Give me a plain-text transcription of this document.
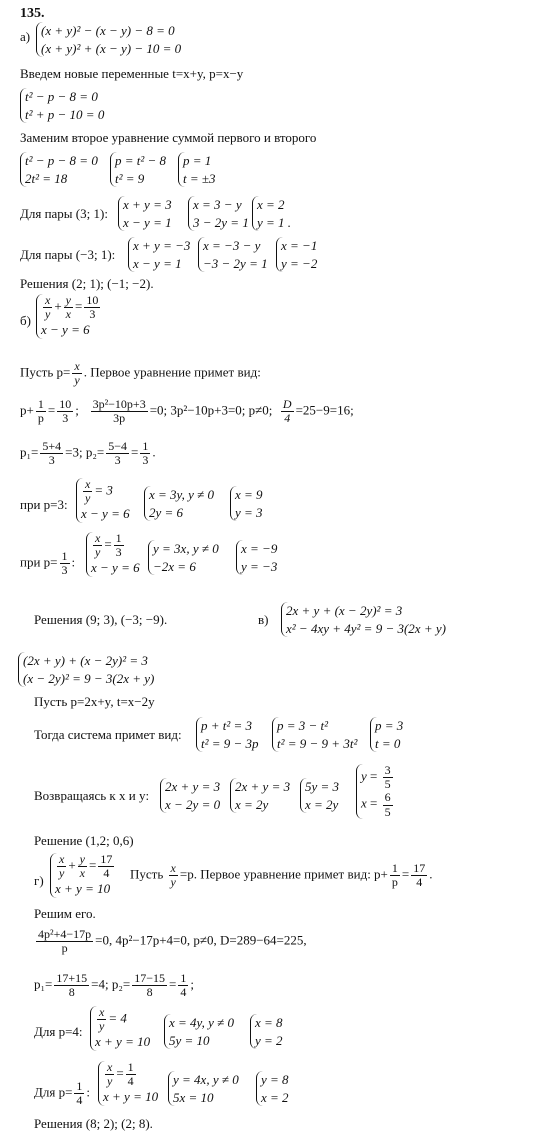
135.
а) (x + y)² − (x − y) − 8 = 0
(x + y)² + (x − y) − 10 = 0
Введем новые переменные t=x+y, p=x−y
t² − p − 8 = 0
t² + p − 10 = 0
Заменим второе уравнение суммой первого и второго
t² − p − 8 = 0
2t² = 18
p = t² − 8
t² = 9
p = 1
t = ±3
Для пары (3; 1):
x + y = 3
x − y = 1
x = 3 − y
3 − 2y = 1
x = 2
y = 1 .
Для пары (−3; 1):
x + y = −3
x − y = 1
x = −3 − y
−3 − 2y = 1
x = −1
y = −2
Решения (2; 1); (−1; −2).
$б) \frac{x}{y} + \frac{y}{x} = \frac{10}{3}$
x − y = 6
Пусть $p= \frac{x}{y}$ . Первое уравнение примет вид:
$p+ \frac{1}{p} = \frac{10}{3}$ ; $\frac{\text{3p²−10p+3}}{3p} =0$; 3p²−10p+3=0; p≠0; $\frac{D}{4} =25-9=16$;
$p_1= \frac{5+4}{3} =3$; $p_2= \frac{5-4}{3} = \frac{1}{3}$ .
при p=3: $\frac{x}{y} = 3$
x − y = 6
x = 3y, y ≠ 0
2y = 6
x = 9
y = 3
при $p= \frac{1}{3}$ :
$\frac{x}{y} = \frac{1}{3}$
x − y = 6
y = 3x, y ≠ 0
−2x = 6
x = −9
y = −3
Решения (9; 3), (−3; −9).	в)
2x + y + (x − 2y)² = 3
x² − 4xy + 4y² = 9 − 3(2x + y)
(2x + y) + (x − 2y)² = 3
(x − 2y)² = 9 − 3(2x + y)
Пусть p=2x+y, t=x−2y
Тогда система примет вид:
p + t² = 3
t² = 9 − 3p
p = 3 − t²
t² = 9 − 9 + 3t²
p = 3
t = 0
Возвращаясь к x и y:
2x + y = 3
x − 2y = 0
2x + y = 3
x = 2y
5y = 3
x = 2y
$y = \frac{3}{5}$
$x = \frac{6}{5}$
Решение (1,2; 0,6)
г)
$\frac{x}{y} + \frac{y}{x} = \frac{17}{4}$
x + y = 10
Пусть $\frac{x}{y} =p$. Первое уравнение примет вид: $p+ \frac{1}{p} = \frac{17}{4}$ .
Решим его.
$\frac{\text{4p²+4−17p}}{p} =0$, 4p²−17p+4=0, p≠0, D=289−64=225,
$p_1= \frac{17+15}{8} =4$; $p_2= \frac{17-15}{8} = \frac{1}{4}$ ;
Для p=4: $\frac{x}{y} = 4$
x + y = 10
x = 4y, y ≠ 0
5y = 10
x = 8
y = 2
Для $p= \frac{1}{4}$ :
$\frac{x}{y} = \frac{1}{4}$
x + y = 10
y = 4x, y ≠ 0
5x = 10
y = 8
x = 2
Решения (8; 2); (2; 8).
